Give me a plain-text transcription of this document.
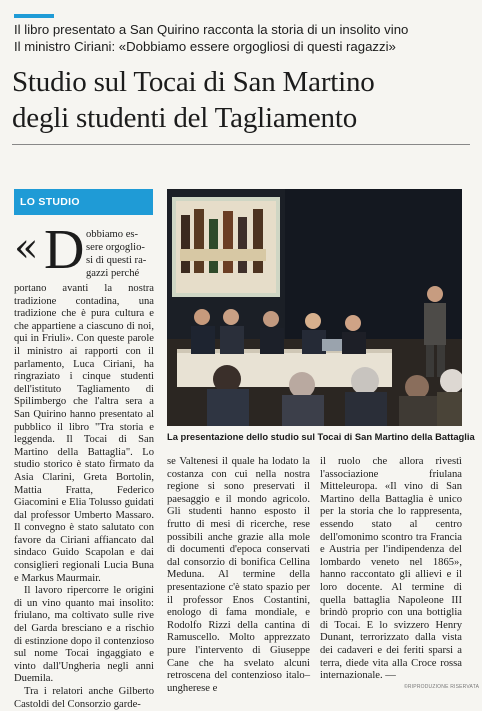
Il libro presentato a San Quirino racconta la storia di un insolito vino
Il ministro Ciriani: «Dobbiamo essere orgogliosi di questi ragazzi»
Studio sul Tocai di San Martino
degli studenti del Tagliamento
LO STUDIO
« D obbiamo es-
sere orgoglio-
si di questi ra-
gazzi perché

portano avanti la nostra tradizione contadina, una tradizione che è pura cultura e che appartiene a ciascuno di noi, qui in Friuli». Con queste parole il ministro ai rapporti con il parlamento, Luca Ciriani, ha ringraziato i cinque studenti dell'istituto Tagliamento di Spilimbergo che l'altra sera a San Quirino hanno presentato al pubblico il libro "Tra storia e leggenda. Il Tocai di San Martino della Battaglia". Lo studio storico è stato firmato da Asia Clarini, Greta Bortolin, Mattia Fratta, Federico Giacomini e Elia Tolusso guidati dal professor Umberto Massaro. Il convegno è stato salutato con favore da Ciriani affiancato dal sindaco Guido Scapolan e dai consiglieri regionali Lucia Buna e Markus Maurmair.

Il lavoro ripercorre le origini di un vino quanto mai insolito: friulano, ma coltivato sulle rive del Garda bresciano e a rischio di estinzione dopo il contenzioso sul nome Tocai ingaggiato e vinto dall'Ungheria negli anni Duemila.

Tra i relatori anche Gilberto Castoldi del Consorzio garde-

La presentazione dello studio sul Tocai di San Martino della Battaglia

se Valtenesi il quale ha lodato la costanza con cui nella nostra regione si sono preservati il paesaggio e il mondo agricolo. Gli studenti hanno esposto il frutto di mesi di ricerche, rese possibili anche grazie alla mole di documenti d'epoca conservati dal consorzio di bonifica Cellina Meduna. Al termine della presentazione c'è stato spazio per il professor Enos Costantini, enologo di fama mondiale, e Rodolfo Rizzi della cantina di Ramuscello. Molto apprezzato pure l'intervento di Giuseppe Cane che ha svelato alcuni retroscena del contenzioso italo–ungherese e

il ruolo che allora rivestì l'associazione friulana Mitteleuropa. «Il vino di San Martino della Battaglia è unico per la storia che lo rappresenta, essendo stato al centro dell'omonimo scontro tra Francia e Austria per l'indipendenza del lombardo veneto nel 1865», hanno raccontato gli allievi e il loro docente. Al termine di quella battaglia Napoleone III brindò proprio con una bottiglia di Tocai. E lo svizzero Henry Dunant, terrorizzato dalla vista dei cadaveri e dei feriti sparsi a terra, diede vita alla Croce rossa internazionale. —

©RIPRODUZIONE RISERVATA
